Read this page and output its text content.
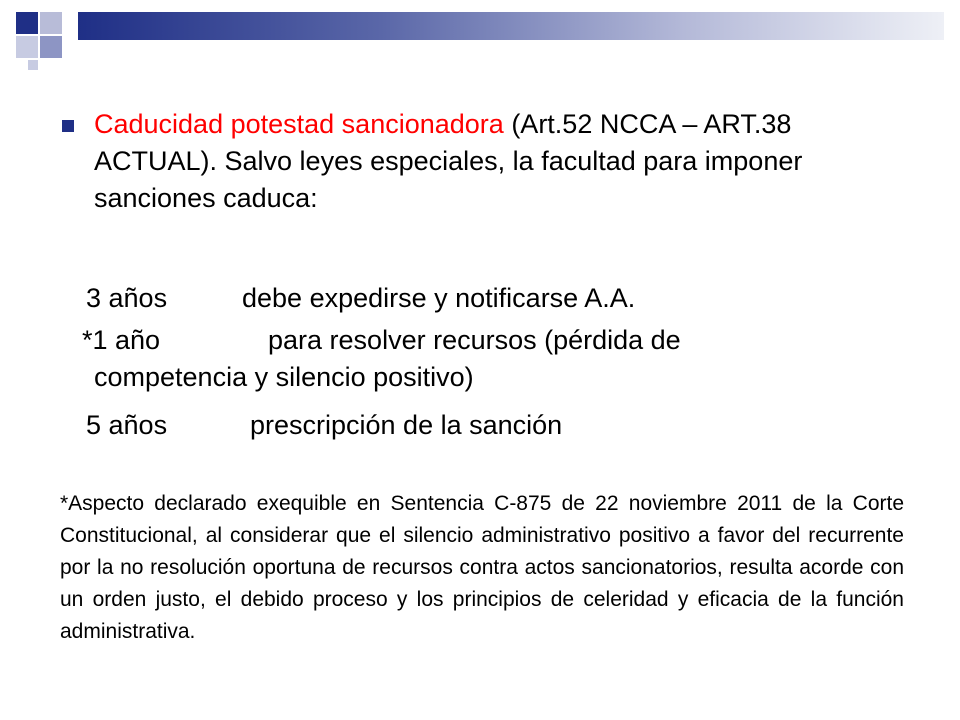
Caducidad potestad sancionadora (Art.52 NCCA – ART.38 ACTUAL). Salvo leyes especiales, la facultad para imponer sanciones caduca:
3 años	debe expedirse y notificarse A.A.
*1 año	para resolver recursos (pérdida de
competencia y silencio positivo)
5 años	prescripción de la sanción
*Aspecto declarado exequible en Sentencia C-875 de 22 noviembre 2011 de la Corte Constitucional, al considerar que el silencio administrativo positivo a favor del recurrente por la no resolución oportuna de recursos contra actos sancionatorios, resulta acorde con un orden justo, el debido proceso y los principios de celeridad y eficacia de la función administrativa.
